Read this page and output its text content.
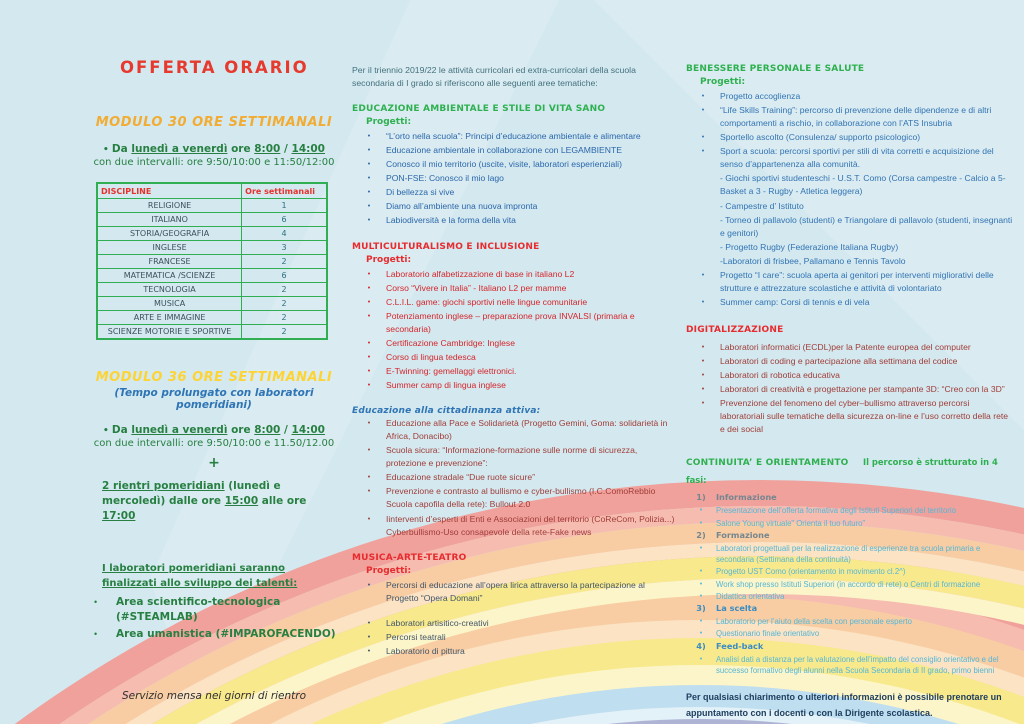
OFFERTA ORARIO
MODULO 30 ORE SETTIMANALI
• Da lunedì a venerdì ore 8:00 / 14:00
con due intervalli: ore 9:50/10:00 e 11:50/12:00
DISCIPLINE	Ore settimanali
RELIGIONE	1
ITALIANO	6
STORIA/GEOGRAFIA	4
INGLESE	3
FRANCESE	2
MATEMATICA /SCIENZE	6
TECNOLOGIA	2
MUSICA	2
ARTE E IMMAGINE	2
SCIENZE MOTORIE E SPORTIVE	2
MODULO 36 ORE SETTIMANALI
(Tempo prolungato con laboratori pomeridiani)
• Da lunedì a venerdì ore 8:00 / 14:00
con due intervalli: ore 9:50/10:00 e 11.50/12.00
+
2 rientri pomeridiani (lunedì e mercoledì) dalle ore 15:00 alle ore 17:00
I laboratori pomeridiani saranno finalizzati allo sviluppo dei talenti:
•	Area scientifico-tecnologica (#STEAMLAB)
•	Area umanistica (#IMPAROFACENDO)
Servizio mensa nei giorni di rientro

Per il triennio 2019/22 le attività curricolari ed extra-curricolari della scuola secondaria di I grado si riferiscono alle seguenti aree tematiche:

EDUCAZIONE AMBIENTALE E STILE DI VITA SANO
Progetti:
•	“L’orto nella scuola”: Principi d’educazione ambientale e alimentare
•	Educazione ambientale in collaborazione con LEGAMBIENTE
•	Conosco il mio territorio (uscite, visite, laboratori esperienziali)
•	PON-FSE: Conosco il mio lago
•	Di bellezza si vive
•	Diamo all’ambiente una nuova impronta
•	Labiodiversità e la forma della vita
MULTICULTURALISMO E INCLUSIONE
Progetti:
•	Laboratorio alfabetizzazione di base in italiano L2
•	Corso “Vivere in Italia” - Italiano L2 per mamme
•	C.L.I.L. game: giochi sportivi nelle lingue comunitarie
•	Potenziamento inglese – preparazione prova INVALSI (primaria e secondaria)
•	Certificazione Cambridge: Inglese
•	Corso di lingua tedesca
•	E-Twinning: gemellaggi elettronici.
•	Summer camp di lingua inglese
Educazione alla cittadinanza attiva:
•	Educazione alla Pace e Solidarietà (Progetto Gemini, Goma: solidarietà in Africa, Donacibo)
•	Scuola sicura: “Informazione-formazione sulle norme di sicurezza, protezione e prevenzione”:
•	Educazione stradale “Due ruote sicure”
•	Prevenzione e contrasto al bullismo e cyber-bullismo (I.C.ComoRebbio Scuola capofila della rete): Bullout 2.0
•	Iinterventi d’esperti di Enti e Associazioni del territorio (CoReCom, Polizia...) Cyberbullismo-Uso consapevole della rete-Fake news
MUSICA-ARTE-TEATRO
Progetti:
•	Percorsi di educazione all’opera lirica attraverso la partecipazione al Progetto “Opera Domani”
•	Laboratori artisitico-creativi
•	Percorsi teatrali
•	Laboratorio di pittura
BENESSERE PERSONALE E SALUTE
Progetti:
•	Progetto accoglienza
•	“Life Skills Training”: percorso di prevenzione delle dipendenze e di altri comportamenti a rischio, in collaborazione con l’ATS Insubria
•	Sportello ascolto (Consulenza/ supporto psicologico)
•	Sport a scuola: percorsi sportivi per stili di vita corretti e acquisizione del senso d’appartenenza alla comunità.
- Giochi sportivi studenteschi - U.S.T. Como (Corsa campestre - Calcio a 5- Basket a 3 - Rugby - Atletica leggera)
- Campestre d’ Istituto
- Torneo di pallavolo (studenti) e Triangolare di pallavolo (studenti, insegnanti e genitori)
- Progetto Rugby (Federazione Italiana Rugby)
-Laboratori di frisbee, Pallamano e Tennis Tavolo
•	Progetto “I care”: scuola aperta ai genitori per interventi migliorativi delle strutture e attrezzature scolastiche e attività di volontariato
•	Summer camp: Corsi di tennis e di vela
DIGITALIZZAZIONE
•	Laboratori informatici (ECDL)per la Patente europea del computer
•	Laboratori di coding e partecipazione alla settimana del codice
•	Laboratori di robotica educativa
•	Laboratori di creatività e progettazione per stampante 3D: “Creo con la 3D”
•	Prevenzione del fenomeno del cyber–bullismo attraverso percorsi laboratoriali sulle tematiche della sicurezza on-line e l’uso corretto della rete e dei social
CONTINUITA’ E ORIENTAMENTO Il percorso è strutturato in 4 fasi:
1)	Informazione
•	Presentazione dell’offerta formativa degli Istituti Superiori del territorio
•	Salone Young virtuale” Orienta il tuo futuro”
2)	Formazione
•	Laboratori progettuali per la realizzazione di esperienze tra scuola primaria e secondaria (Settimana della continuità)
•	Progetto UST Como (orientamento in movimento cl.2^)
•	Work shop presso Istituti Superiori (in accordo di rete) o Centri di formazione
•	Didattica orientativa
3)	La scelta
•	Laboratorio per l’aiuto della scelta con personale esperto
•	Questionario finale orientativo
4)	Feed-back
•	Analisi dati a distanza per la valutazione dell’impatto del consiglio orientativo e del successo formativo degli alunni nella Scuola Secondaria di II grado, primo bienni

Per qualsiasi chiarimento o ulteriori informazioni è possibile prenotare un appuntamento con i docenti o con la Dirigente scolastica.
